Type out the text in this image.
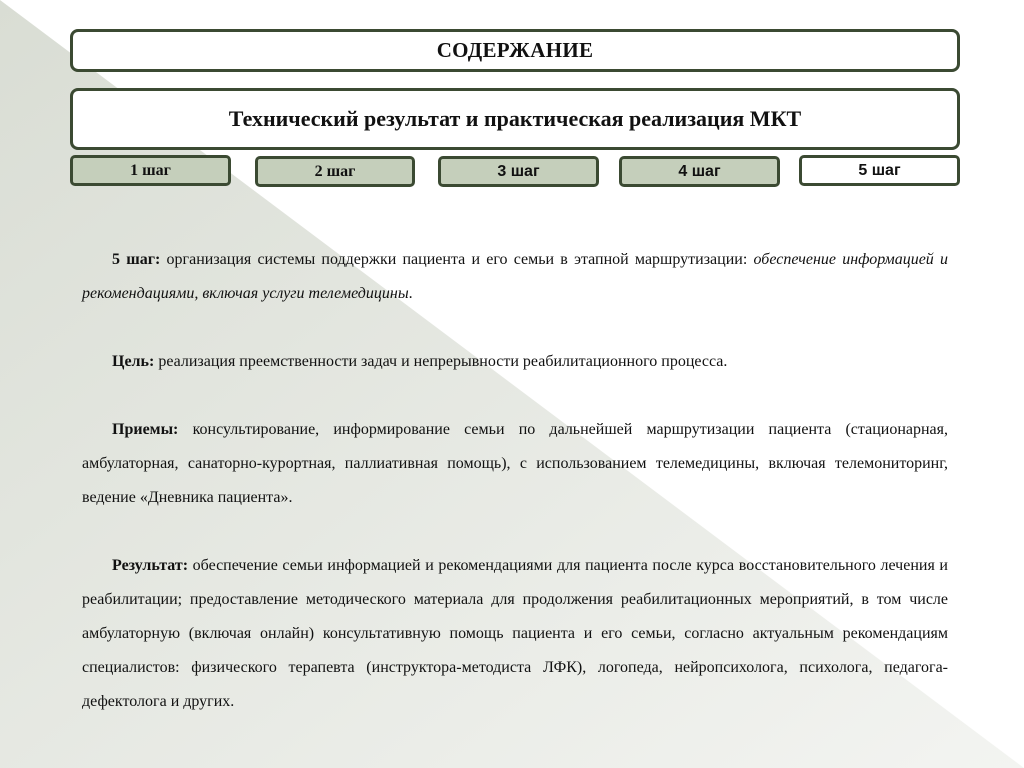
СОДЕРЖАНИЕ
Технический результат и практическая реализация МКТ
1 шаг	2 шаг	3 шаг	4 шаг	5 шаг

5 шаг: организация системы поддержки пациента и его семьи в этапной маршрутизации: обеспечение информацией и рекомендациями, включая услуги телемедицины.

Цель: реализация преемственности задач и непрерывности реабилитационного процесса.

Приемы: консультирование, информирование семьи по дальнейшей маршрутизации пациента (стационарная, амбулаторная, санаторно-курортная, паллиативная помощь), с использованием телемедицины, включая телемониторинг, ведение «Дневника пациента».

Результат: обеспечение семьи информацией и рекомендациями для пациента после курса восстановительного лечения и реабилитации; предоставление методического материала для продолжения реабилитационных мероприятий, в том числе амбулаторную (включая онлайн) консультативную помощь пациента и его семьи, согласно актуальным рекомендациям специалистов: физического терапевта (инструктора-методиста ЛФК), логопеда, нейропсихолога, психолога, педагога-дефектолога и других.
